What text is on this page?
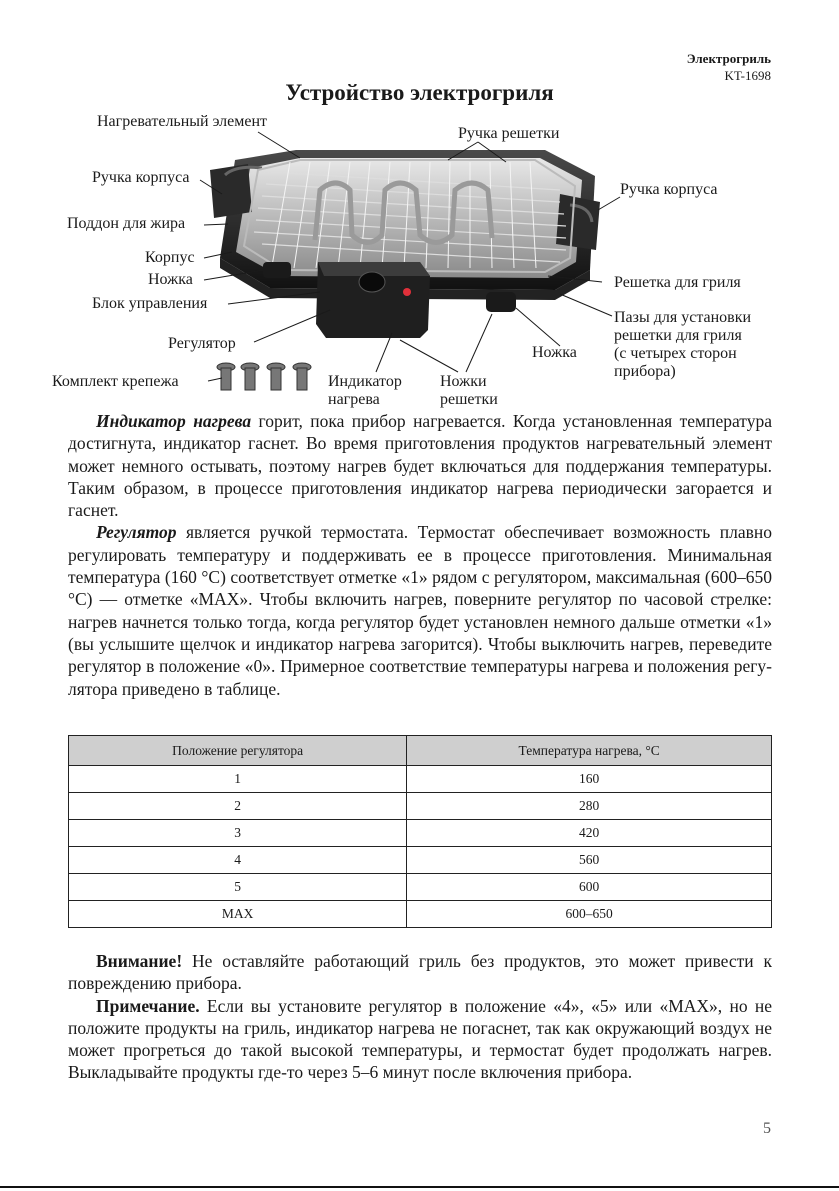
Электрогриль
KT-1698
Устройство электрогриля
Нагревательный элемент
Ручка решетки
Ручка корпуса
Ручка корпуса
Поддон для жира
Корпус
Ножка
Блок управления
Регулятор
Комплект крепежа	Индикатор
нагрева
Ножки
решетки
Ножка
Решетка для гриля
Пазы для установки
решетки для гриля
(с четырех сторон
прибора)

Индикатор нагрева горит, пока прибор нагревается. Когда установленная температура достигнута, индикатор гаснет. Во время приготовления продуктов нагревательный элемент может немного остывать, поэтому нагрев будет включаться для поддержания температуры. Таким образом, в процессе приготовления индикатор нагрева периодически загорается и гаснет.

Регулятор является ручкой термостата. Термостат обеспечивает возможность плавно регулировать температуру и поддерживать ее в процессе приготовления. Минимальная температура (160 °C) соответствует отметке «1» рядом с регулятором, максимальная (600–650 °C) — отметке «MAX». Чтобы включить нагрев, поверните регулятор по часовой стрелке: нагрев начнется только тогда, когда регулятор будет установлен немного дальше отметки «1» (вы услышите щелчок и индикатор нагрева загорится). Чтобы выключить нагрев, переведите регулятор в положение «0». Примерное соответствие температуры нагрева и положения регулятора приведено в таблице.

Положение регулятора	Температура нагрева, °C
1	160
2	280
3	420
4	560
5	600
MAX	600–650

Внимание! Не оставляйте работающий гриль без продуктов, это может привести к повреждению прибора.

Примечание. Если вы установите регулятор в положение «4», «5» или «MAX», но не положите продукты на гриль, индикатор нагрева не погаснет, так как окружающий воздух не может прогреться до такой высокой температуры, и термостат будет продолжать нагрев. Выкладывайте продукты где-то через 5–6 минут после включения прибора.

5
